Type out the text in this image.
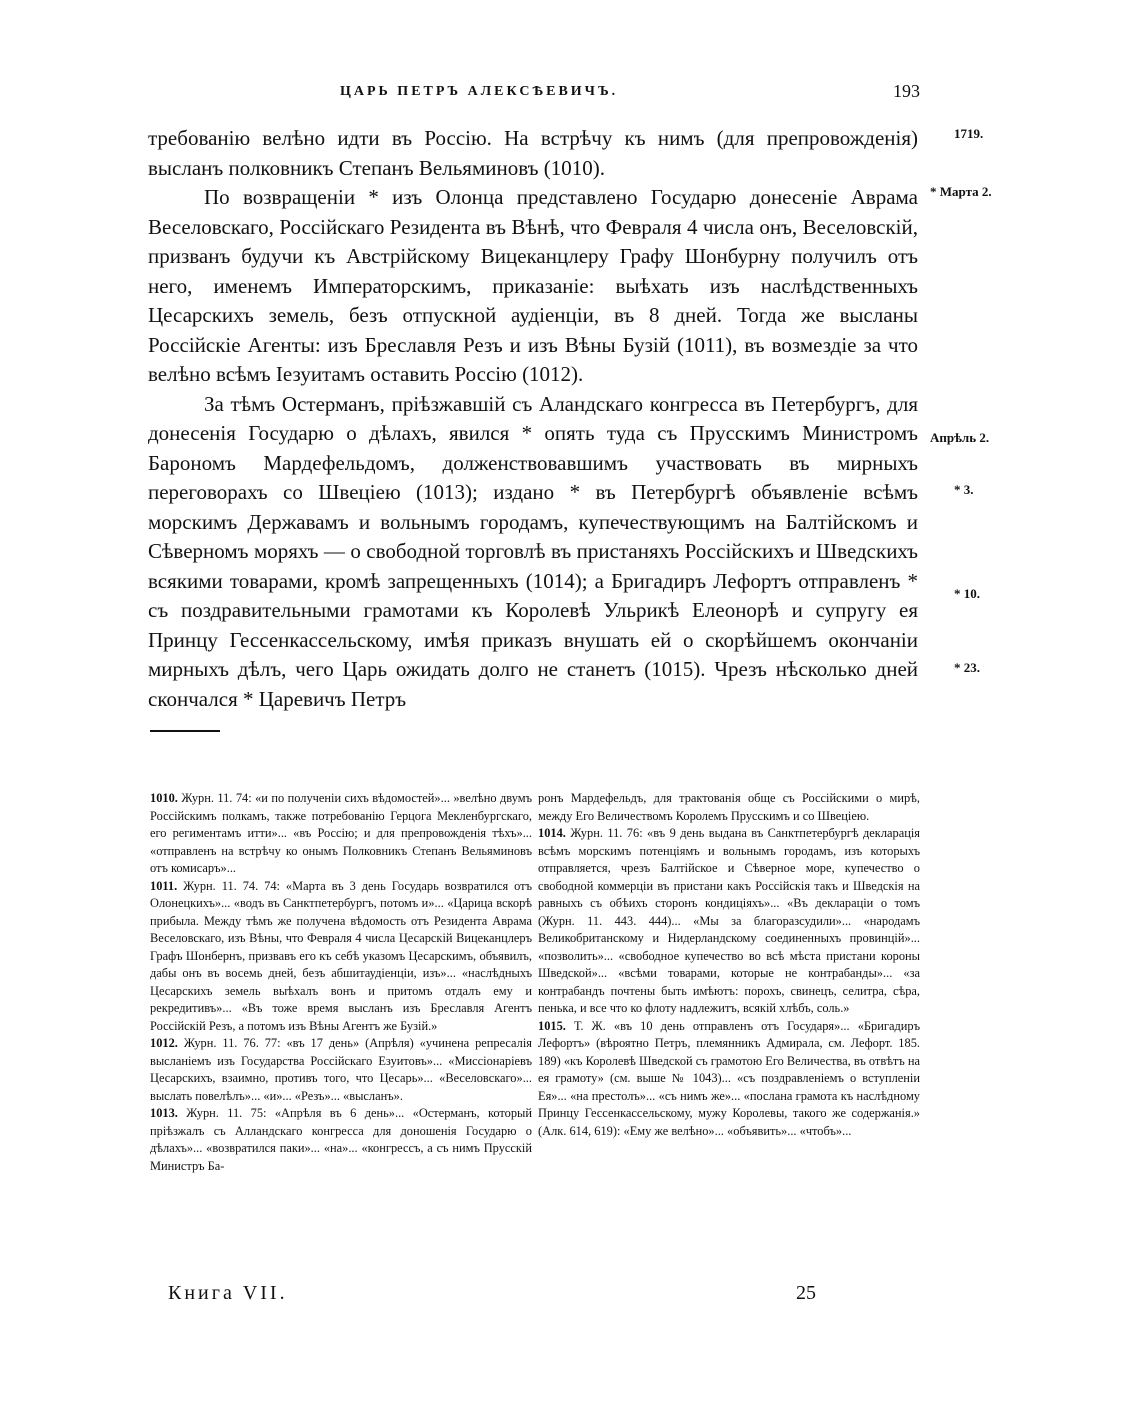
ЦАРЬ ПЕТРЪ АЛЕКСѢЕВИЧЪ.	193

требованію велѣно идти въ Россію. На встрѣчу къ нимъ (для препровожденія) высланъ полковникъ Степанъ Вельяминовъ (1010).

По возвращеніи * изъ Олонца представлено Государю донесеніе Аврама Веселовскаго, Россійскаго Резидента въ Вѣнѣ, что Февраля 4 числа онъ, Веселовскій, призванъ будучи къ Австрійскому Вицеканцлеру Графу Шонбурну получилъ отъ него, именемъ Императорскимъ, приказаніе: выѣхать изъ наслѣдственныхъ Цесарскихъ земель, безъ отпускной аудіенціи, въ 8 дней. Тогда же высланы Россійскіе Агенты: изъ Бреславля Резъ и изъ Вѣны Бузій (1011), въ возмездіе за что велѣно всѣмъ Іезуитамъ оставить Россію (1012).

За тѣмъ Остерманъ, пріѣзжавшій съ Аландскаго конгресса въ Петербургъ, для донесенія Государю о дѣлахъ, явился * опять туда съ Прусскимъ Министромъ Барономъ Мардефельдомъ, долженствовавшимъ участвовать въ мирныхъ переговорахъ со Швеціею (1013); издано * въ Петербургѣ объявленіе всѣмъ морскимъ Державамъ и вольнымъ городамъ, купечествующимъ на Балтійскомъ и Сѣверномъ моряхъ — о свободной торговлѣ въ пристаняхъ Россійскихъ и Шведскихъ всякими товарами, кромѣ запрещенныхъ (1014); а Бригадиръ Лефортъ отправленъ * съ поздравительными грамотами къ Королевѣ Ульрикѣ Елеонорѣ и супругу ея Принцу Гессенкассельскому, имѣя приказъ внушать ей о скорѣйшемъ окончаніи мирныхъ дѣлъ, чего Царь ожидать долго не станетъ (1015). Чрезъ нѣсколько дней скончался * Царевичъ Петръ

1719.
* Марта 2.
Апрѣль 2.
* 3.
* 10.
* 23.

1010. Журн. 11. 74: «и по полученіи сихъ вѣдомостей»... »велѣно двумъ Россійскимъ полкамъ, также потребованію Герцога Мекленбургскаго, его региментамъ итти»... «въ Россію; и для препровожденія тѣхъ»... «отправленъ на встрѣчу ко онымъ Полковникъ Степанъ Вельяминовъ отъ комисаръ»...

1011. Журн. 11. 74. 74: «Марта въ 3 день Государь возвратился отъ Олонецкихъ»... «водъ въ Санктпетербургъ, потомъ и»... «Царица вскорѣ прибыла. Между тѣмъ же получена вѣдомость отъ Резидента Аврама Веселовскаго, изъ Вѣны, что Февраля 4 числа Цесарскій Вицеканцлеръ Графъ Шонбернъ, призвавъ его къ себѣ указомъ Цесарскимъ, объявилъ, дабы онъ въ восемь дней, безъ абшитаудіенціи, изъ»... «наслѣдныхъ Цесарскихъ земель выѣхалъ вонъ и притомъ отдалъ ему и рекредитивъ»... «Въ тоже время высланъ изъ Бреславля Агентъ Россійскій Резъ, а потомъ изъ Вѣны Агентъ же Бузій.»

1012. Журн. 11. 76. 77: «въ 17 день» (Апрѣля) «учинена репресалія высланіемъ изъ Государства Россійскаго Езуитовъ»... «Миссіонаріевъ Цесарскихъ, взаимно, противъ того, что Цесарь»... «Веселовскаго»... выслать повелѣлъ»... «и»... «Резъ»... «высланъ».

1013. Журн. 11. 75: «Апрѣля въ 6 день»... «Остерманъ, который пріѣзжалъ съ Алландскаго конгресса для доношенія Государю о дѣлахъ»... «возвратился паки»... «на»... «конгрессъ, а съ нимъ Прусскій Министръ Ба-

ронъ Мардефельдъ, для трактованія обще съ Россійскими о мирѣ, между Его Величествомъ Королемъ Прусскимъ и со Швеціею.

1014. Журн. 11. 76: «въ 9 день выдана въ Санктпетербургѣ декларація всѣмъ морскимъ потенціямъ и вольнымъ городамъ, изъ которыхъ отправляется, чрезъ Балтійское и Сѣверное море, купечество о свободной коммерціи въ пристани какъ Россійскія такъ и Шведскія на равныхъ съ обѣихъ сторонъ кондиціяхъ»... «Въ деклараціи о томъ (Журн. 11. 443. 444)... «Мы за благоразсудили»... «народамъ Великобританскому и Нидерландскому соединенныхъ провинцій»... «позволить»... «свободное купечество во всѣ мѣста пристани короны Шведской»... «всѣми товарами, которые не контрабанды»... «за контрабандъ почтены быть имѣютъ: порохъ, свинецъ, селитра, сѣра, пенька, и все что ко флоту надлежитъ, всякій хлѣбъ, соль.»

1015. Т. Ж. «въ 10 день отправленъ отъ Государя»... «Бригадиръ Лефортъ» (вѣроятно Петръ, племянникъ Адмирала, см. Лефорт. 185. 189) «къ Королевѣ Шведской съ грамотою Его Величества, въ отвѣтъ на ея грамоту» (см. выше № 1043)... «съ поздравленіемъ о вступленіи Ея»... «на престолъ»... «съ нимъ же»... «послана грамота къ наслѣдному Принцу Гессенкассельскому, мужу Королевы, такого же содержанія.» (Алк. 614, 619): «Ему же велѣно»... «объявить»... «чтобъ»...

Книга VII.	25
